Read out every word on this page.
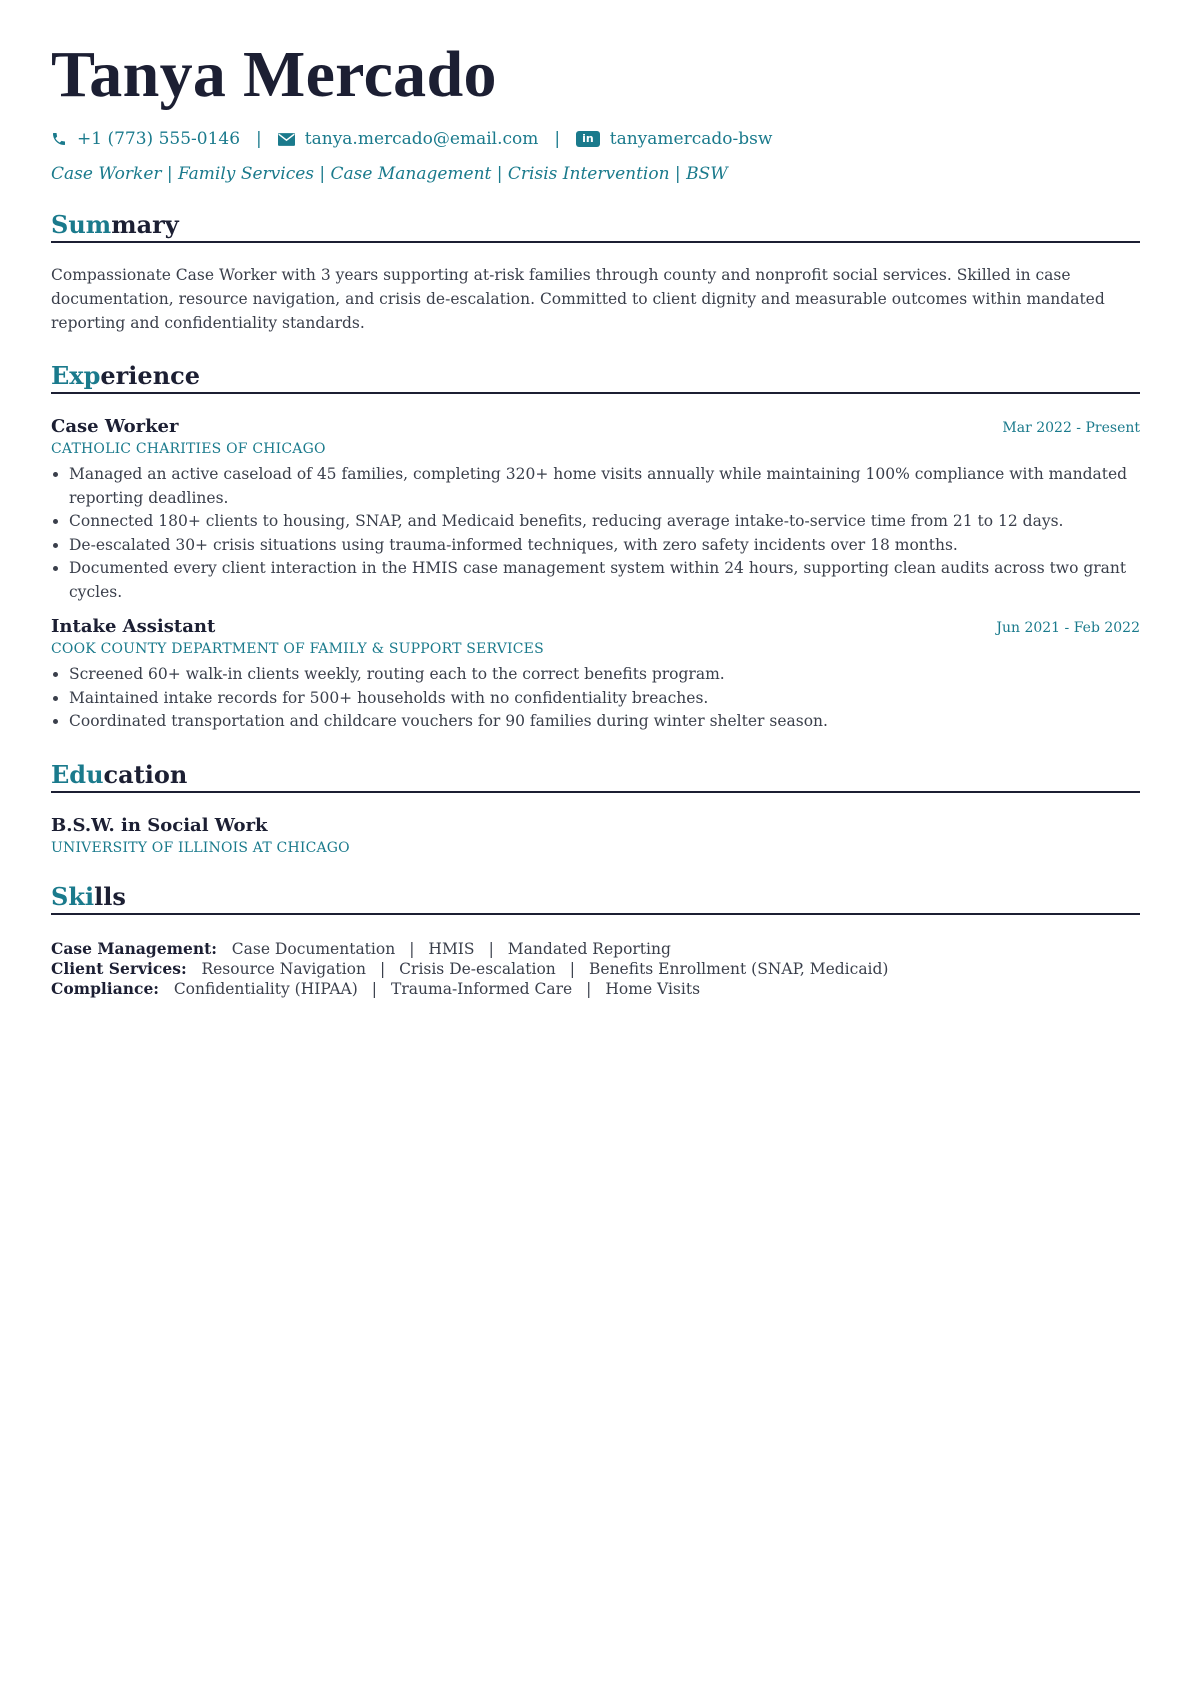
Tanya Mercado
+1 (773) 555-0146 |	tanya.mercado@email.com |	in tanyamercado-bsw
Case Worker | Family Services | Case Management | Crisis Intervention | BSW
Summary
Compassionate Case Worker with 3 years supporting at-risk families through county and nonprofit social services. Skilled in case documentation, resource navigation, and crisis de-escalation. Committed to client dignity and measurable outcomes within mandated reporting and confidentiality standards.
Experience
Case Worker	Mar 2022 - Present
CATHOLIC CHARITIES OF CHICAGO
• Managed an active caseload of 45 families, completing 320+ home visits annually while maintaining 100% compliance with mandated reporting deadlines.
• Connected 180+ clients to housing, SNAP, and Medicaid benefits, reducing average intake-to-service time from 21 to 12 days.
• De-escalated 30+ crisis situations using trauma-informed techniques, with zero safety incidents over 18 months.
• Documented every client interaction in the HMIS case management system within 24 hours, supporting clean audits across two grant cycles.
Intake Assistant	Jun 2021 - Feb 2022
COOK COUNTY DEPARTMENT OF FAMILY & SUPPORT SERVICES
• Screened 60+ walk-in clients weekly, routing each to the correct benefits program.
• Maintained intake records for 500+ households with no confidentiality breaches.
• Coordinated transportation and childcare vouchers for 90 families during winter shelter season.
Education
B.S.W. in Social Work
UNIVERSITY OF ILLINOIS AT CHICAGO
Skills
Case Management: Case Documentation | HMIS | Mandated Reporting
Client Services: Resource Navigation | Crisis De-escalation | Benefits Enrollment (SNAP, Medicaid)
Compliance: Confidentiality (HIPAA) | Trauma-Informed Care | Home Visits
